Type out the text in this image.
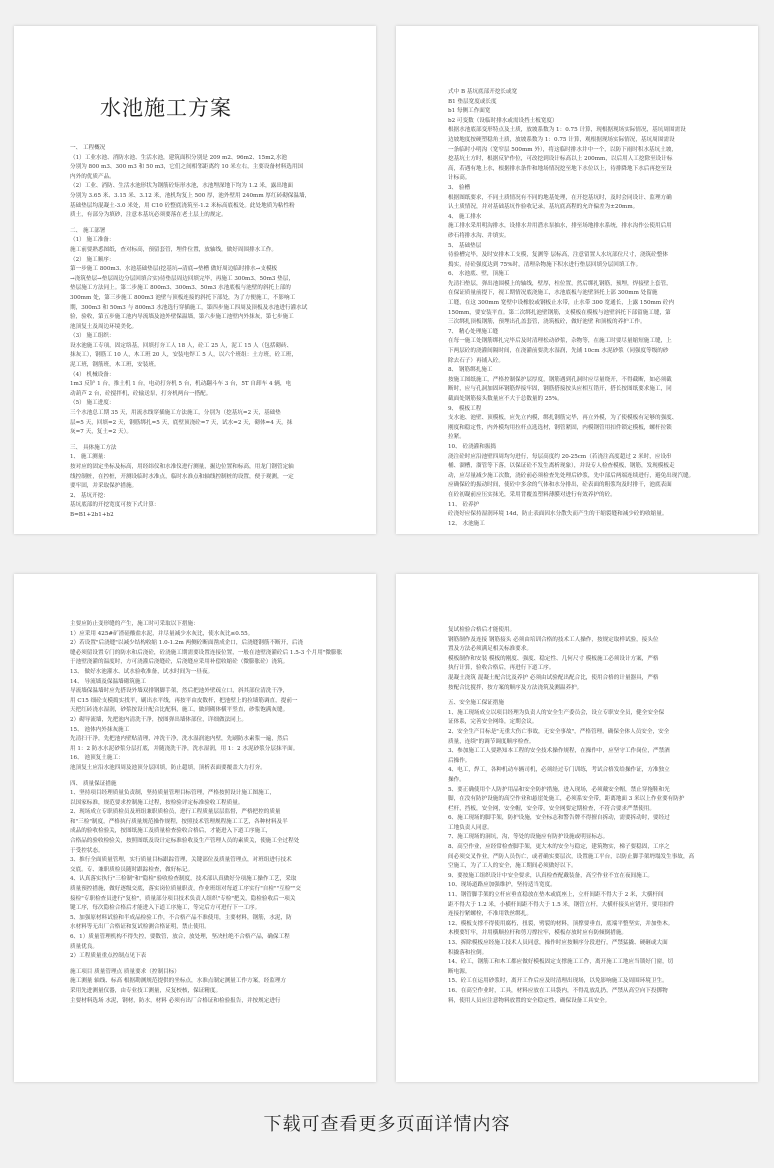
水池施工方案
一、 工程概况
（1）工业水池、消防水池、生活水池，建筑面积分别是 209 m2、96m2、15m2,水池
分别为 800 m3、300 m3 和 50 m3，它们之间相邻距离约 10 米左右，主要设备材料选用国
内外的优质产品。
（2）工业、消防、生活水池形状为钢筋砼矩形水池，水池埋深地下均为 1.2 米，露出地面
分别为 3.65 米、3.15 米、3.12 米，池机均复上 500 厚，池外壁用 240mm 厚红砖砌保温墙，
基础垫层均混凝土-3.0 米处，用 C10 砼整底浇筑至-1.2 米标高底板处。此处地质为粘性粉
质土，有部分为填砂，注意本基坑必须要落在老土层上的规定。
二、 施工部署
（1） 施工准备：
施工前要熟悉图纸，查对标高，预留套管，埋件位置，放轴线，做好周围排水工作。
（2） 施工顺序：
第一步施工 800m3、水池基础垫层(挖基坑→清底→垫槽 做好周边临时排水→支模板
→浇筑垫层→垫层周边分层回填合实)待垫层周边回填完毕，再施工 300m3、50m3 垫层，
垫层施工方法同上。第二步施工 800m3、300m3、50m3 水池底板与池壁的斜托上部的
300mm 处，第三步施工 800m3 池壁与顶板连接的斜托下部处，为了方便施工，不影响工
期，300m3 和 50m3 与 800m3 水池选行穿插施工，第四步施工四周及顶板及水池进行灌水试
验，验收，第五步施工池内导流墙及池外壁保温墙，第六步施工池壁内外抹灰，第七步施工
池顶复土及周边环境美化。
（3） 施工组织：
设水池施工专项，固定络基，回填打夯工人 18 人，砼工 25 人，泥工 15 人（包括砌砖、
抹灰工），钢筋工 10 人，木工班 20 人，安装电焊工 5 人，以六个班组：土方班，砼工班，
泥工班，钢筋班，木工班，安装班。
（4） 机械设备：
1m3 反铲 1 台，推土机 1 台，电动打夯机 5 台，机动翻斗车 3 台，5T 自卸车 4 辆，电
动葫芦 2 台，砼搅拌机，砼输送泵，打夯机两台一搭配。
（5） 施工进度：
三个水池总工期 35 天，用流水线穿插施工方法施工，分别为（挖基坑=2 天，基础垫
层=5 天，回填=2 天，钢筋绑扎=5 天，底壁顶浇砼=7 天，试水=2 天，砌体=4 天，抹
灰=7 天，复土=2 天）。
三、 具体施工方法
1、 施工测量：
按对应的固定坐标及标高，用经纬仪和水准仪进行测量，掘边位置和标高，用龙门钢管定轴
线控制桩，在控桩，开测设临时水准点，临时水准点和轴线控制桩的设置，便于观测，一定
要牢固，并采取保护措施。
2、 基坑开挖：
基坑底部的开挖宽度可按下式计算：
B=B1+2b1+b2
式中 B 基坑底部开挖长或宽
B1 垫层宽度或长度
b1 每侧工作面宽
b2 可变数（设临时排水或需设挡土板宽度）
根据水池底部变形特点及土质，放坡系数为 1：0.75 计算，现根据现场实际情况，基坑周围需设
边坡地度按硬塑稳角土质，放坡系数为 1：0.75 计算，观根据现场实际情况，基坑周围需设
一条临时小明沟（宽窄层 500mm 外），将这临时排水井中一个，以防下雨时积水基坑土坡，
挖基坑土方时，根据反铲作位，可改挖到设计标高以上 200mm，以后用人工挖除至设计标
高，若遇有地上水，根据排水条件和地场情况挖至地下水位以上，待排降地下水后再挖至设
计标高。
3、 验槽
根据图纸要求，不同土质情况有不同的地基处理，在开挖基坑时，及时会同设计、监理方确
认土质情况，并对基础基坑作验收记录，基坑底高程的允许偏差为±20mm。
4、 施工排水
施工排水采用明沟排水，设排水井用潜水泵抽水，排至场地排水系统，排水沟作公使用后用
砂石将排水沟、井填实。
5、 基础垫层
待验槽完毕，及时安排木工支模，复测等 层标高，注意留置人水坑部位尺寸，浇筑砼整体
捣实，待砼强度达到 75%时，清理杂物施下积水进行垫层回填分层回填工作。
6、 水池底、壁，顶施工
先清扫垫层，弹出池围模上的轴线，壁厚，柱位置，然后绑扎钢筋，预埋，焊接壁上套管，
在保证质量前提下，视工期情况底浇施工，水池底板与池壁斜托上部 300mm 处留施
工缝，在这 300mm 宽壁中设橡胶或钢板止水带，止水带 300 宽通长，上露 150mm 砼内
150mm，要安装平直。第二次绑扎池壁钢筋，支模板在模板与池壁斜托下部留施工缝，第
三次绑扎顶板钢筋，预埋出孔盖套管，浇筑板砼，做好池壁 和顶板的养护工作。
7、 精心处理施工缝
在每一施工处钢筋绑扎完毕后及时清理松动砂浆，杂物等，在施工时要尽量缩短施工缝，上
下两层砼的浇灌间隔时间，在浇灌前要洗水湿润，先铺 10cm 水泥砂浆（同强度等级的砂
除去石子）再铺入砼。
8、 钢筋绑扎施工
按施工图纸施工，严格控制保护层厚度，钢筋遇到孔洞时应尽量绕开，不得截断，如必须截
断时，应与孔洞加固环钢筋焊接牢固，钢筋搭接按头应相互错开，搭长按图纸要求施工，同
截面处钢筋接头数量应不大于总数量的 25%。
9、 模板工程
支水池、池壁、顶模板，应先立内模，绑扎钢筋完毕，再立外模，为了使模板有足够的强度、
刚度和稳定性，内外模均用拉杆点选选材，钢管紧固，内模钢管用扣件锁定模板，螺杆拉锁
拉紧。
10、 砼浇灌和振捣
浇注砼时应沿池壁四周均匀进行，每层高度约 20-25cm（若浇注高度超过 2 米时，应设串
桶、溜槽，溜管等下落，以保证砼不发生离析现象），并设专人检查模板，钢筋，发现模板走
动，应尽量减少施工次数，浇砼前必须检查先处理后砂浆，先中部后两端连续进行，避免出现汽缝。
应确保砼的振动时间，使砼中多余的气体和水分排出，砼表面的粗浆均及时排干，池底表面
在砼初凝前应压实抹光，采用背覆盖塑料薄膜对进行有效养护的砼。
11、 砼养护
砼浇好应保持湿润环境 14d，防止表面因水分散失而产生的干缩裂缝和减少砼的收缩量。
12、 水池施工
主要应防止变形缝的产生，施工时可采取以下措施：
1）应采用 425#矿渣硅酸盐水泥，并尽量减少水灰比，使水灰比≤0.55。
2）若设置"后浇缝"以减少结构收缩 1.0-1.2m 两侧砼断面凿成企口，后浇缝钢筋不断开，后浇
缝必须留设置专门的防水和后浇砼，砼浇施工期需要设置连接位置，一般在池壁浇灌砼后 1.5-3 个月用"微膨胀
于池壁浇灌的温度时，方可浇灌后浇缝砼，后浇缝应采用补偿收缩砼（微膨胀砼）浇筑。
13、 做好水池灌水、试水验收准备，试水时间为一昼夜。
14、 导流墙及保温墙砌筑施工
导流墙保温墙时应先搭设外墙双排钢脚手架，然后把池外壁疏立口，斜其部位清洗干净，
用 C15 细砼支模捣实找平，刷出水平线，再按平由皮数杆，把池壁上的拉墙筋调直，提前一
天把红砖浇水湿润，砂浆按设计配合比配料，施工，做到砌体横平竖直，砂浆饱满灰缝。
2）砌导流墙，先把池内清洗干净，按图弹出墙体部位，详细做法同上。
15、 池体内外抹灰施工
先清扫干净，先把池内壁贴清理，冲洗干净，洗水湿润池内壁，先刷防水素浆一遍，然后
用 1：2 防水水泥砂浆分层打底，并随浇洗干净，洗水湿润，用 1：2 水泥砂浆分层抹平面。
16、 池顶复土施工：
池顶复土应沿水池四周及池顶分层回填，防止超填，顶析表面要覆盖大力打夯。
四、 质量保证措施
1、坚持项目经理质量负责制，坚持质量管理目标管理，严格按照设计施工图施工，
以国家标准，规范要求控制施工过程，按检验评定标准验收工程质量。
2、现场成立专职质检员及班组兼职质检员，进行工程质量层层监督，严格把控的质量
和"三检"制度，严格执行质量规范操作规程，按照技术管理规程施工工艺，各种材料及半
成品的验收检验关，按图纸施工及质量检查验收合格后，才能进入下道工序施工，
合格品的验收检验关，按照图纸及设计定标准验收及生产管理人员的素质关，使施工全过程处
于受控状态。
3、推行全面质量管理，实行质量目标跟踪管理，关键部位及质量管理点，对班组进行技术
交底。专、兼职质检员随时跟踪检查，做好标记。
4、认真落实执行"三检制"和"隐检"验收检查制度，技术部认真做好分项施工操作工艺，采取
质量预控措施，做好逐级交底，落实岗位质量职责，作业班组对每道工序实行"自检""互检""交
接检"专职检查员进行"复检"，质量部分项目技术负责人组织"专检"把关，隐检验收后一项关
键工序，每次隐检合格后才能进入下道工序施工，等完后方可进行下一工序。
5、加强原材料试验和半成品检验工作，不合格产品不准使用，主要材料，钢筋，水泥，防
水材料等无出厂合格证和复试检测合格证明，禁止使用。
6、1）质量管理机构不得失控，要数管，放合，放处理，坚决杜绝不合格产品，确保工程
质量优良。
2）工程质量重点控制点见下表
施工项目 质量管理点 质量要求（控制目标）
施工测量 轴线、标高 根据勘测规范提供的坐标点，水准点制定测量工作方案，经监理方
采用先进测量仪器，由专业技工测量，反复校核，保证精度。
主要材料选场 水泥，钢材，防水，材料 必须有出厂合格证和检验报告，并按规定进行
复试检验合格后才能使用。
钢筋制作及连接 钢筋接头 必须由培训合格的技术工人操作，按规定取样试验，接头位
置及方法必须满足相关标准要求。
模板制作和安装 模板的刚度、强度、稳定性、几何尺寸 模板施工必须设计方案，严格
执行计算，验收合格后，再进行下道工序。
混凝土浇筑 混凝土配合比及养护 必须由试验配出配合比，使用合格的计量器具，严格
按配合比搅拌，按方案的顺序及方法浇筑及测温养护。
五、安全施工保证措施
1、施工现场成立以项目经理为负责人的安全生产委员会，设立专职安全员，健全安全保
证体系，完善安全网络，定期会议。
2、安全生产目标是"无重大伤亡事故，无安全事故"，严格管理，确保全体人员安全，安全
质量，连续"的调节调度顺序检查。
3、参加施工工人要熟知本工程的安全技术操作规程，在操作中，应坚守工作岗位，严禁酒
后操作。
4、电工，焊工，各种机动车辆司机，必须经过专门训练，考试合格发给操作证，方准独立
操作。
5、要正确使用个人防护用品和安全防护措施，进入现场，必须戴安全帽，禁止穿拖鞋和光
脚，在没有防护设施的高空作业和悬崖处施工，必须系安全带，距离地面 3 米以上作业要有防护
栏杆，挡板，安全网，安全帽，安全带，安全网要定期检查，不符合要求严禁使用。
6、施工现场的脚手架，防护设施，安全标志和警告牌不得擅自拆动，需要拆动时，要经过
工地负责人同意。
7、施工现场的洞坑，沟，等处的设施应有防护设施或明显标志。
8、高空作业，应经常检查脚手架，更大木的安全与稳定，建筑物实，梯子要稳固，工序之
间必须交叉作业，严防人员伤亡，或者确实要层次，设置施工平台，以防止脚手架坍塌发生事故，高
空施工，为了工人的安全，施工期间必须做好以下。
9、要按施工组织设计中安全要求，认真检查配戴装备，高空作业不宜在夜间施工。
10、现场道路应加强维护，坚持适当宽度。
11、钢管脚手架的立杆应垂直稳放在垫木或底座上，立杆间距不得大于 2 米，大横杆间
距不得大于 1.2 米，小横杆间距不得大于 1.5 米，钢管立杆，大横杆接头应错开，要用扣件
连接拧紧螺栓，不准用铁丝绑扎。
12、模板支撑不得使用腐朽，扭裂，劈裂的材料，顶撑要垂直，底端平整坚实，并加垫木。
木楔要钉牢，并用横顺拉杆和剪刀撑拉牢，模板存放时应有防倾倒措施。
13、拆除模板应经施工技术人员同意，操作时应按顺序分段进行，严禁猛撬、硬砸或大面
积撬落和拉倒。
14、砼工，钢筋工和木工都应做好模板固定支撑施工工作，离开施工工地应当锁好门窗，切
断电源。
15、砼工在运用砂浆时，离开工作后应及时清理出现场，以免影响施工及周围环境卫生。
16、在高空作业时，工具，材料应放在工具袋内，不得乱放乱扔，严禁从高空向下投掷物
料，使用人员应注意物料放置的安全稳定性，确保设备工具安全。
下载可查看更多页面详情内容
